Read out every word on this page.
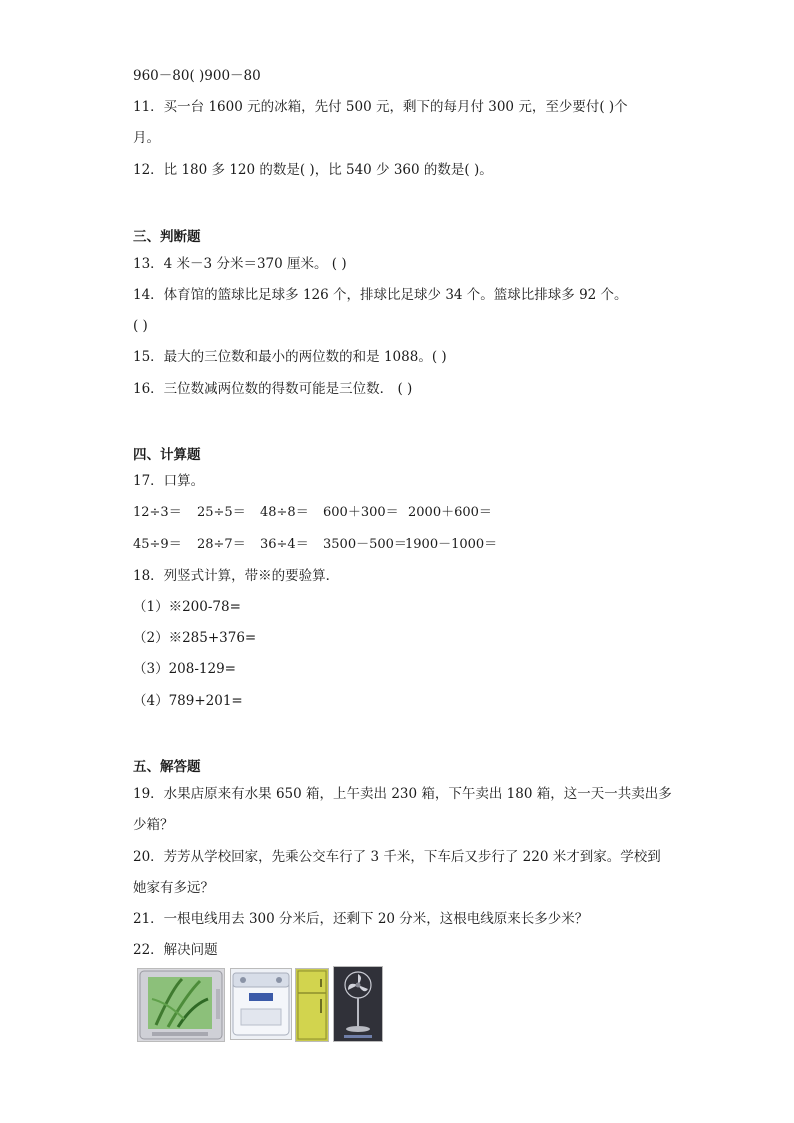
960－80( )900－80
11．买一台 1600 元的冰箱，先付 500 元，剩下的每月付 300 元，至少要付( )个
月。
12．比 180 多 120 的数是( )，比 540 少 360 的数是( )。
三、判断题
13．4 米－3 分米＝370 厘米。 ( )
14．体育馆的篮球比足球多 126 个，排球比足球少 34 个。篮球比排球多 92 个。
( )
15．最大的三位数和最小的两位数的和是 1088。( )
16．三位数减两位数的得数可能是三位数． ( )
四、计算题
17．口算。
12÷3＝ 25÷5＝ 48÷8＝ 600＋300＝ 2000＋600＝
45÷9＝ 28÷7＝ 36÷4＝ 3500－500＝
1900－1000＝
18．列竖式计算，带※的要验算．
（1）※200-78=
（2）※285+376=
（3）208-129=
（4）789+201=
五、解答题
19．水果店原来有水果 650 箱，上午卖出 230 箱，下午卖出 180 箱，这一天一共卖出多
少箱？
20．芳芳从学校回家，先乘公交车行了 3 千米，下车后又步行了 220 米才到家。学校到
她家有多远？
21．一根电线用去 300 分米后，还剩下 20 分米，这根电线原来长多少米？
22．解决问题
